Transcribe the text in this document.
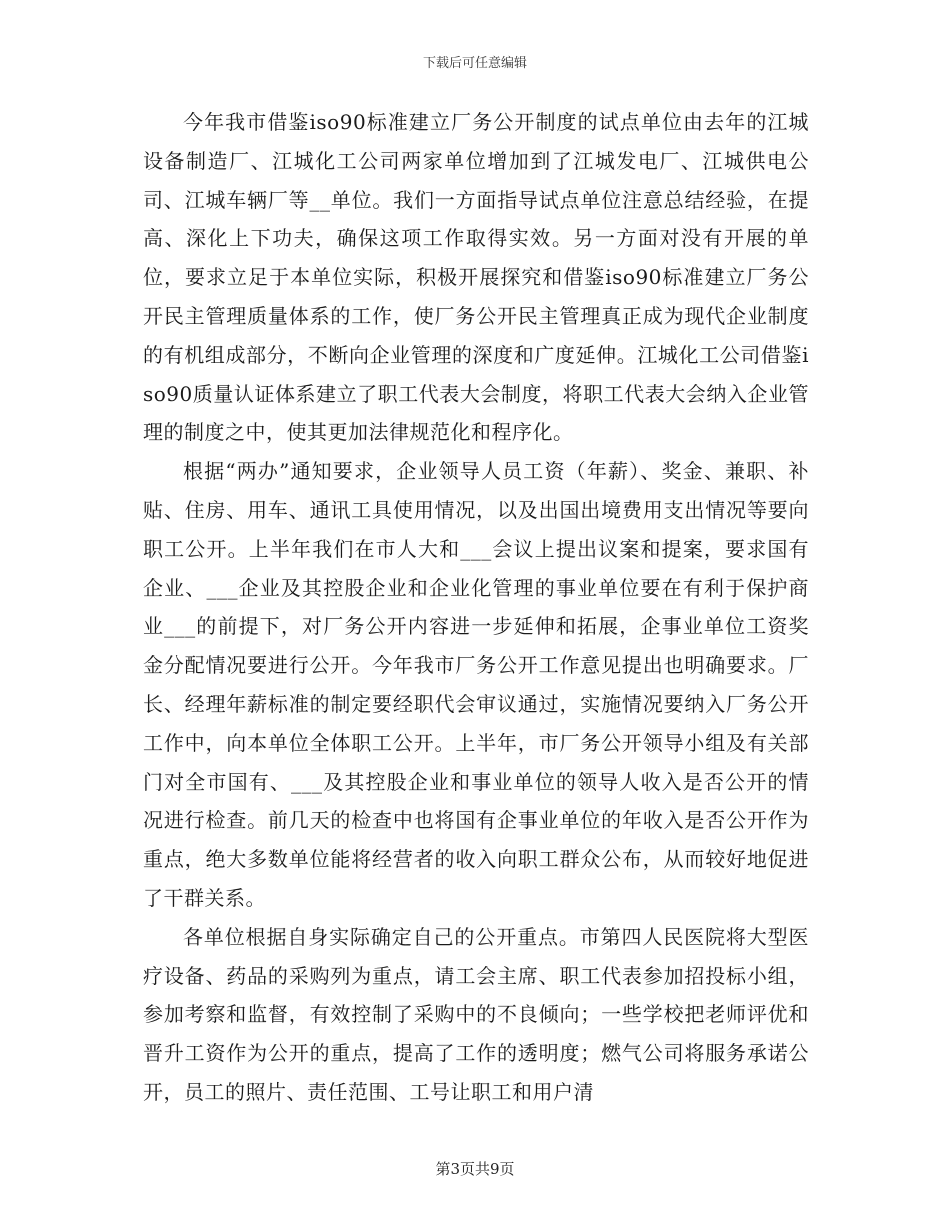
下载后可任意编辑

今年我市借鉴iso90标准建立厂务公开制度的试点单位由去年的江城设备制造厂、江城化工公司两家单位增加到了江城发电厂、江城供电公司、江城车辆厂等__单位。我们一方面指导试点单位注意总结经验，在提高、深化上下功夫，确保这项工作取得实效。另一方面对没有开展的单位，要求立足于本单位实际，积极开展探究和借鉴iso90标准建立厂务公开民主管理质量体系的工作，使厂务公开民主管理真正成为现代企业制度的有机组成部分，不断向企业管理的深度和广度延伸。江城化工公司借鉴iso90质量认证体系建立了职工代表大会制度，将职工代表大会纳入企业管理的制度之中，使其更加法律规范化和程序化。

根据“两办”通知要求，企业领导人员工资（年薪）、奖金、兼职、补贴、住房、用车、通讯工具使用情况，以及出国出境费用支出情况等要向职工公开。上半年我们在市人大和___会议上提出议案和提案，要求国有企业、___企业及其控股企业和企业化管理的事业单位要在有利于保护商业___的前提下，对厂务公开内容进一步延伸和拓展，企事业单位工资奖金分配情况要进行公开。今年我市厂务公开工作意见提出也明确要求。厂长、经理年薪标准的制定要经职代会审议通过，实施情况要纳入厂务公开工作中，向本单位全体职工公开。上半年，市厂务公开领导小组及有关部门对全市国有、___及其控股企业和事业单位的领导人收入是否公开的情况进行检查。前几天的检查中也将国有企事业单位的年收入是否公开作为重点，绝大多数单位能将经营者的收入向职工群众公布，从而较好地促进了干群关系。

各单位根据自身实际确定自己的公开重点。市第四人民医院将大型医疗设备、药品的采购列为重点，请工会主席、职工代表参加招投标小组，参加考察和监督，有效控制了采购中的不良倾向；一些学校把老师评优和晋升工资作为公开的重点，提高了工作的透明度；燃气公司将服务承诺公开，员工的照片、责任范围、工号让职工和用户清

第3页共9页
